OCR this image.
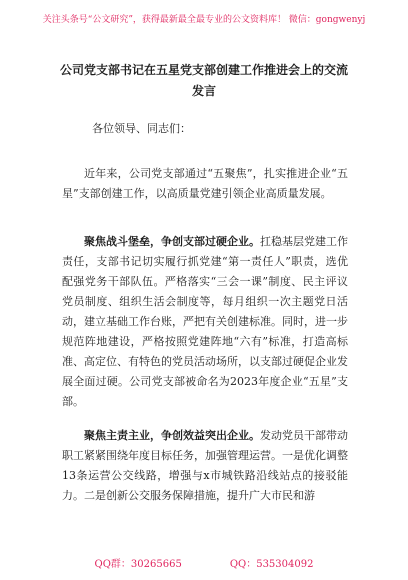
关注头条号“公文研究”，获得最新最全最专业的公文资料库！ 微信：gongwenyj
公司党支部书记在五星党支部创建工作推进会上的交流发言
各位领导、同志们：
近年来，公司党支部通过“五聚焦”，扎实推进企业“五星”支部创建工作，以高质量党建引领企业高质量发展。
聚焦战斗堡垒，争创支部过硬企业。扛稳基层党建工作责任，支部书记切实履行抓党建“第一责任人”职责，选优配强党务干部队伍。严格落实“三会一课”制度、民主评议党员制度、组织生活会制度等，每月组织一次主题党日活动，建立基础工作台账，严把有关创建标准。同时，进一步规范阵地建设，严格按照党建阵地“六有”标准，打造高标准、高定位、有特色的党员活动场所，以支部过硬促企业发展全面过硬。公司党支部被命名为2023年度企业“五星”支部。
聚焦主责主业，争创效益突出企业。发动党员干部带动职工紧紧围绕年度目标任务，加强管理运营。一是优化调整13条运营公交线路，增强与x市城铁路沿线站点的接驳能力。二是创新公交服务保障措施，提升广大市民和游
QQ群：30265665	QQ：535304092
